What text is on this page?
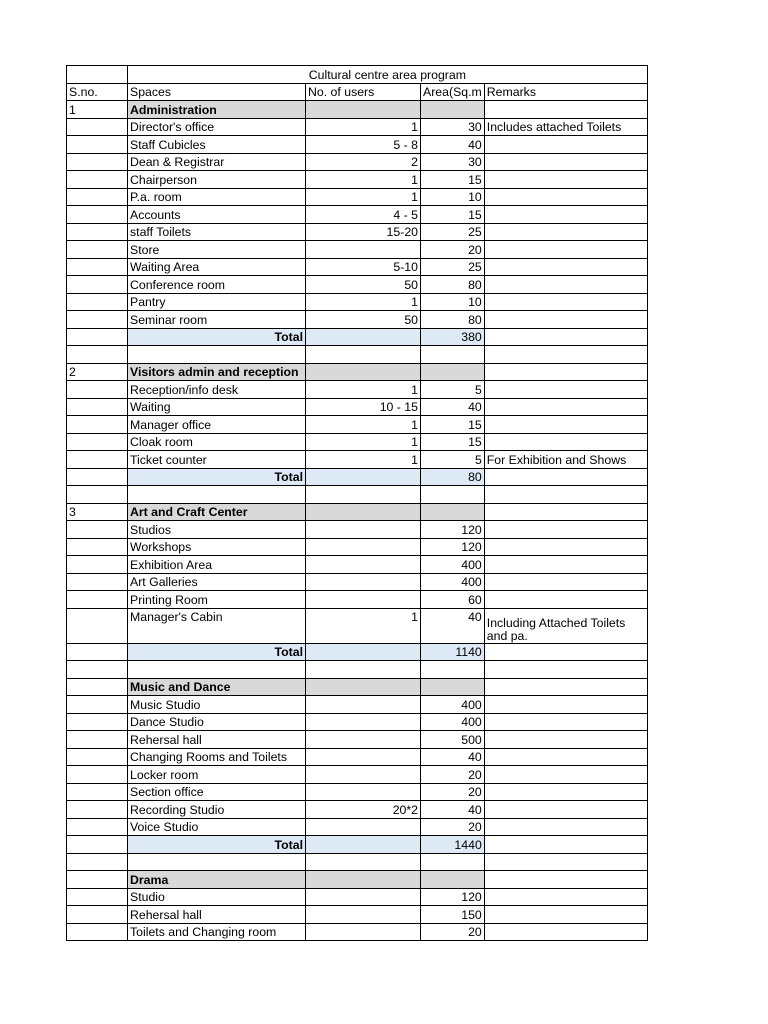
	Cultural centre area program			
S.no.	Spaces	No. of users	Area(Sq.m	Remarks
1	Administration			
	Director's office	1	30	Includes attached Toilets
	Staff Cubicles	5 - 8	40	
	Dean & Registrar	2	30	
	Chairperson	1	15	
	P.a. room	1	10	
	Accounts	4 - 5	15	
	staff Toilets	15-20	25	
	Store		20	
	Waiting Area	5-10	25	
	Conference room	50	80	
	Pantry	1	10	
	Seminar room	50	80	
	Total		380	

2	Visitors admin and reception			
	Reception/info desk	1	5	
	Waiting	10 - 15	40	
	Manager office	1	15	
	Cloak room	1	15	
	Ticket counter	1	5	For Exhibition and Shows
	Total		80	

3	Art and Craft Center			
	Studios		120	
	Workshops		120	
	Exhibition Area		400	
	Art Galleries		400	
	Printing Room		60	
	Manager's Cabin	1	40	Including Attached Toilets and pa.
	Total		1140	

	Music and Dance			
	Music Studio		400	
	Dance Studio		400	
	Rehersal hall		500	
	Changing Rooms and Toilets		40	
	Locker room		20	
	Section office		20	
	Recording Studio	20*2	40	
	Voice Studio		20	
	Total		1440	

	Drama			
	Studio		120	
	Rehersal hall		150	
	Toilets and Changing room		20	
